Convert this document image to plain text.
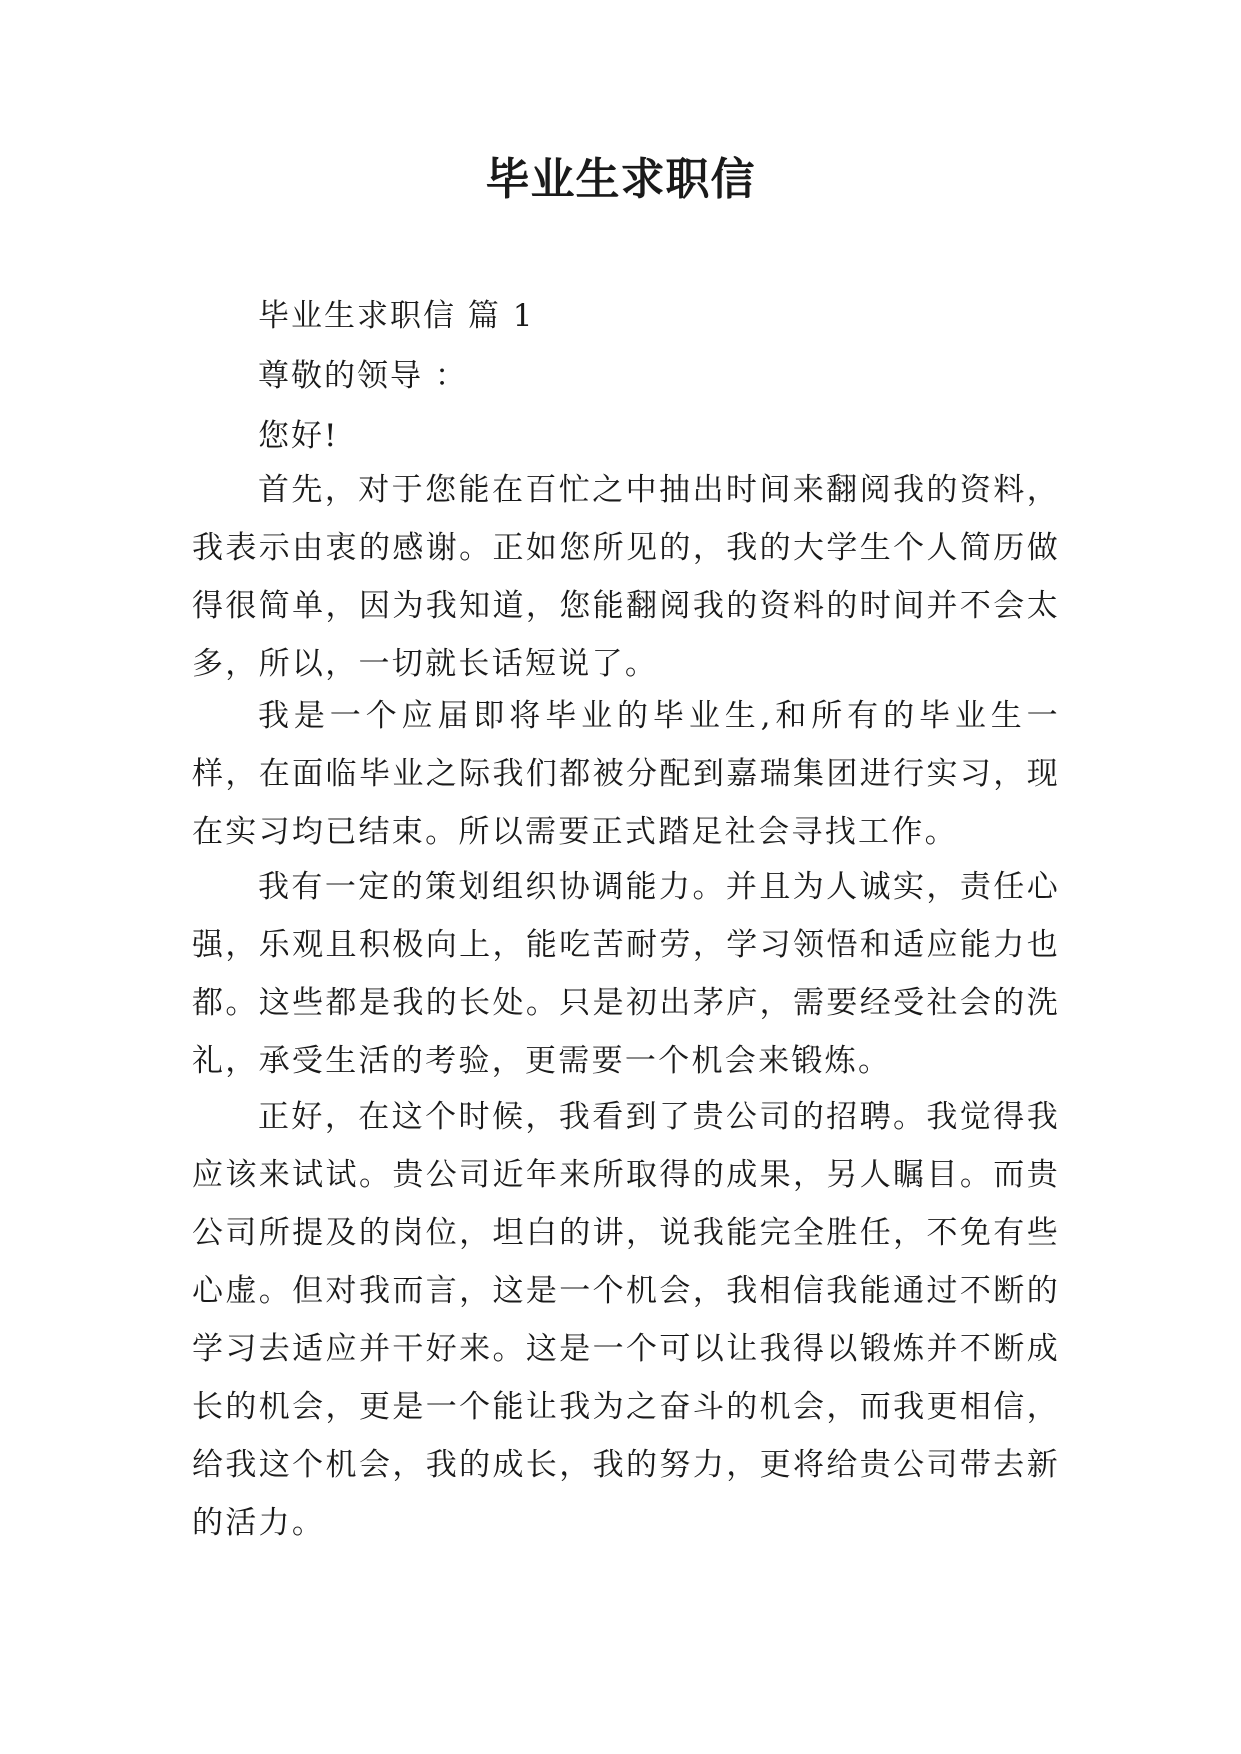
毕业生求职信
毕业生求职信 篇 1
尊敬的领导 ：
您好!

首先，对于您能在百忙之中抽出时间来翻阅我的资料，我表示由衷的感谢。正如您所见的，我的大学生个人简历做得很简单，因为我知道，您能翻阅我的资料的时间并不会太多，所以，一切就长话短说了。

我是一个应届即将毕业的毕业生,和所有的毕业生一样，在面临毕业之际我们都被分配到嘉瑞集团进行实习，现在实习均已结束。所以需要正式踏足社会寻找工作。

我有一定的策划组织协调能力。并且为人诚实，责任心强，乐观且积极向上，能吃苦耐劳，学习领悟和适应能力也都。这些都是我的长处。只是初出茅庐，需要经受社会的洗礼，承受生活的考验，更需要一个机会来锻炼。

正好，在这个时候，我看到了贵公司的招聘。我觉得我应该来试试。贵公司近年来所取得的成果，另人瞩目。而贵公司所提及的岗位，坦白的讲，说我能完全胜任，不免有些心虚。但对我而言，这是一个机会，我相信我能通过不断的学习去适应并干好来。这是一个可以让我得以锻炼并不断成长的机会，更是一个能让我为之奋斗的机会，而我更相信，给我这个机会，我的成长，我的努力，更将给贵公司带去新的活力。
